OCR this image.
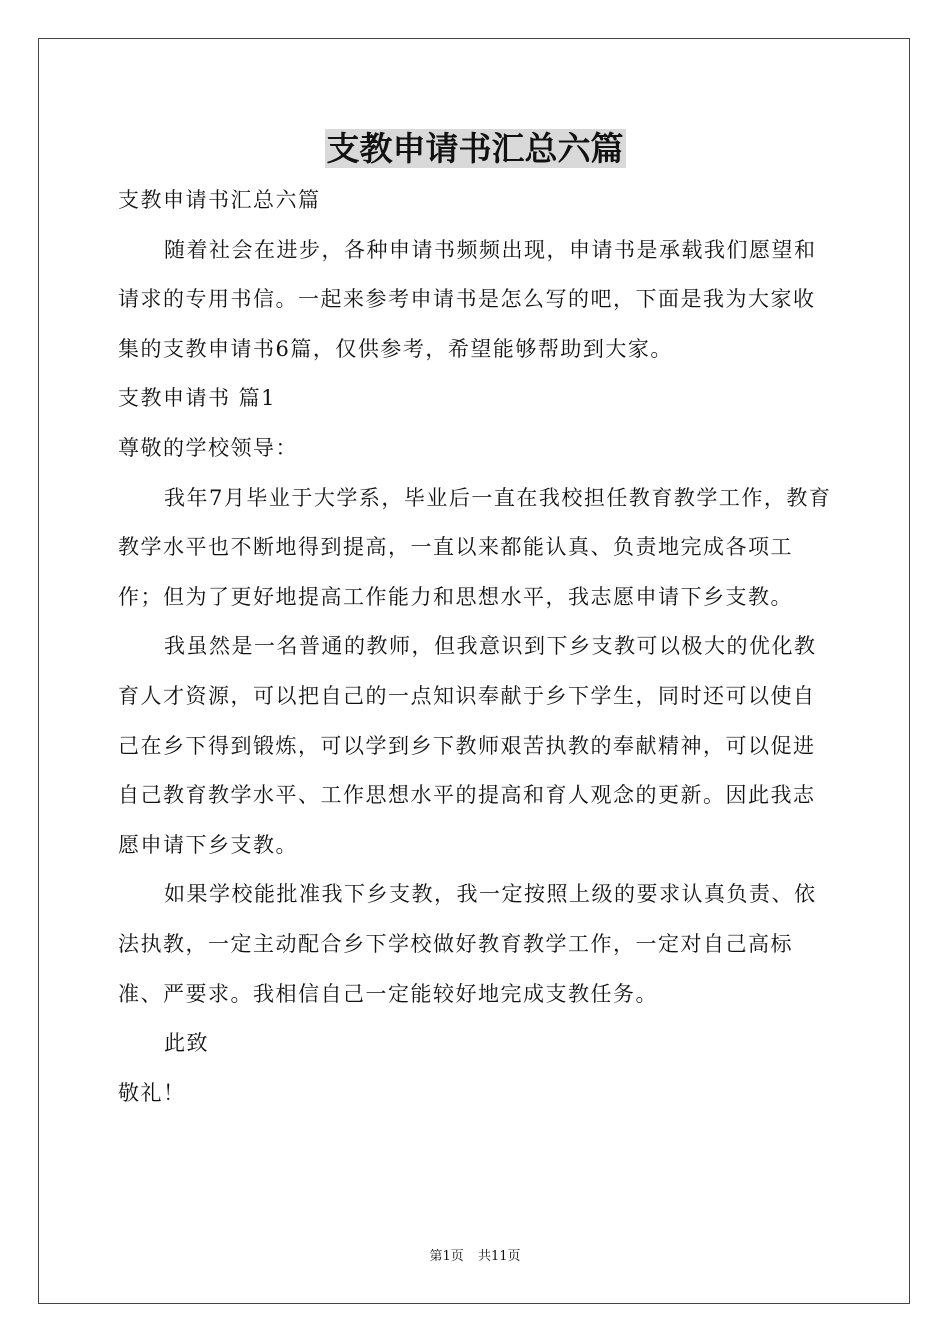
支教申请书汇总六篇

支教申请书汇总六篇

随着社会在进步，各种申请书频频出现，申请书是承载我们愿望和请求的专用书信。一起来参考申请书是怎么写的吧，下面是我为大家收集的支教申请书6篇，仅供参考，希望能够帮助到大家。

支教申请书 篇1

尊敬的学校领导：

我年7月毕业于大学系，毕业后一直在我校担任教育教学工作，教育教学水平也不断地得到提高，一直以来都能认真、负责地完成各项工作；但为了更好地提高工作能力和思想水平，我志愿申请下乡支教。

我虽然是一名普通的教师，但我意识到下乡支教可以极大的优化教育人才资源，可以把自己的一点知识奉献于乡下学生，同时还可以使自己在乡下得到锻炼，可以学到乡下教师艰苦执教的奉献精神，可以促进自己教育教学水平、工作思想水平的提高和育人观念的更新。因此我志愿申请下乡支教。

如果学校能批准我下乡支教，我一定按照上级的要求认真负责、依法执教，一定主动配合乡下学校做好教育教学工作，一定对自己高标准、严要求。我相信自己一定能较好地完成支教任务。

此致

敬礼！

第1页 共11页
